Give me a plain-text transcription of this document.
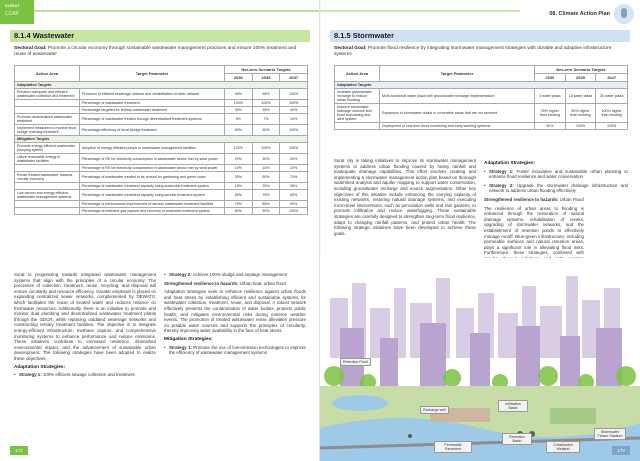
SURAT
CCAP
8.1.4 Wastewater
Sectoral Goal: Promote a circular economy through sustainable wastewater management practices and ensure 100% treatment and reuse of wastewater
Action Area	Target Parameter	Net-zero Scenario Targets		
		2030	2035	2047
Adaptation Targets				
Enhance adequate and efficient wastewater collection and treatment	Provision of efficient sewerage network and rehabilitation of older network	95%	98%	100%
	Percentage of wastewater treatment	100%	100%	100%
	Percentage targeted for tertiary wastewater treatment	30%	35%	40%
Promote decentralized wastewater treatment	Percentage of wastewater treated through decentralized treatment systems	5%	7%	10%
Implement measures to monitor fecal sludge reaching treatment	Percentage efficiency of fecal sludge treatment	80%	90%	100%
Mitigation Targets				
Promote energy efficient wastewater pumping system	Adoption of energy efficient pumps in wastewater management facilities	100%	100%	100%
Utilize renewable energy in wastewater facilities	Percentage of RE for electricity consumption in wastewater sector met by solar power	20%	30%	50%
	Percentage of RE for electricity consumption in wastewater sector met by wind power	10%	15%	20%
Reuse treated wastewater towards circular economy	Percentage of wastewater treated to be reused for gardening and green cover	30%	50%	70%
	Percentage of wastewater treatment capacity using anaerobic treatment system	15%	25%	35%
Low carbon and energy efficient wastewater management systems	Percentage of wastewater treatment capacity using aerobic treatment system	85%	75%	65%
	Percentage of performance improvement of aerobic wastewater treatment facilities	75%	85%	90%
	Percentage of methane gas capture and recovery in anaerobic treatment system	80%	90%	100%

Surat is progressing towards integrated wastewater management systems that align with the principles of a circular economy. The processes of collection, treatment, reuse, recycling, and disposal will ensure circularity and resource efficiency. Greater emphasis is placed on expanding centralized sewer networks, complemented by DEWATS, which facilitates the reuse of treated water and reduces reliance on freshwater resources. Additionally, there is an initiative to promote and monitor dual plumbing and decentralized wastewater treatment plants through the GDCR, while replacing outdated sewerage networks and constructing tertiary treatment facilities. The objective is to integrate energy-efficient infrastructure, methane capture, and comprehensive monitoring systems to enhance performance and reduce emissions. These initiatives contribute to increased resilience, diminished environmental impact, and the advancement of sustainable urban development. The following strategies have been adopted to realize these objectives.

Adaptation Strategies:
• Strategy 1: 100% efficient sewage collection and treatment
• Strategy 2: Achieve 100% sludge and septage management

Strengthened resilience to hazards: Urban heat, urban flood

Adaptation strategies seek to enhance resilience against urban floods and heat stress by establishing efficient and sustainable systems for wastewater collection, treatment, reuse, and disposal. A robust network effectively prevents the contamination of water bodies, protects public health, and mitigates environmental risks during extreme weather events. The promotion of treated wastewater reuse alleviates pressure on potable water sources and supports the principles of circularity, thereby improving water availability in the face of heat stress.

Mitigation Strategies:
• Strategy 1: Promote the use of low-emission technologies to improve the efficiency of wastewater management systems
172
08. Climate Action Plan
8.1.5 Stormwater
Sectoral Goal: Promote flood resilience by integrating stormwater management strategies with durable and adaptive infrastructure systems
Action Area	Target Parameter	Net-zero Scenario Targets		
		2030	2035	2047
Adaptation Targets				
Increase groundwater recharge to reduce urban flooding	Multi-functional water plaza with groundwater recharge implementation	3 water plaza	10 water plaza	30 water plaza
Improve stormwater drainage network and flood forecasting and alert system	Expansion of stormwater drains in vulnerable areas that are not serviced	25% higher than existing	50% higher than existing	100% higher than existing
	Deployment of real-time flood monitoring and early warning systems	30%	100%	100%

Surat city is taking initiatives to improve its stormwater management systems to address urban flooding caused by heavy rainfall and inadequate drainage capabilities. This effort involves creating and implementing a stormwater management action plan based on thorough watershed analysis and aquifer mapping to support water conservation, including groundwater recharge and source augmentation. Other key objectives of this initiative include enhancing the carrying capacity of existing networks, restoring natural drainage systems, and executing micro-level interventions, such as percolation wells and rain gardens, to promote infiltration and reduce waterlogging. These sustainable strategies are carefully designed to strengthen long-term flood resilience, adapt to changing rainfall patterns, and protect urban health. The following strategic initiatives have been developed to achieve these goals.

Adaptation Strategies:
• Strategy 1: Foster innovative and sustainable urban planning to enhance flood resilience and water conservation
• Strategy 2: Upgrade the stormwater drainage infrastructure and network to address urban flooding effectively

Strengthened resilience to hazards: Urban Flood

The resilience of urban areas to flooding is enhanced through the restoration of natural drainage systems, rehabilitation of creeks, upgrading of stormwater networks, and the establishment of retention ponds to effectively manage runoff. Blue-green infrastructure, including permeable surfaces and natural retention areas, plays a significant role in alleviating flood risks. Furthermore, these strategies, combined with

Retention Pond
Recharge well
Infiltration Basin
Retention Basin
Permeable Pavement
Constructed Wetland
Stormwater Flower Stadium
173
